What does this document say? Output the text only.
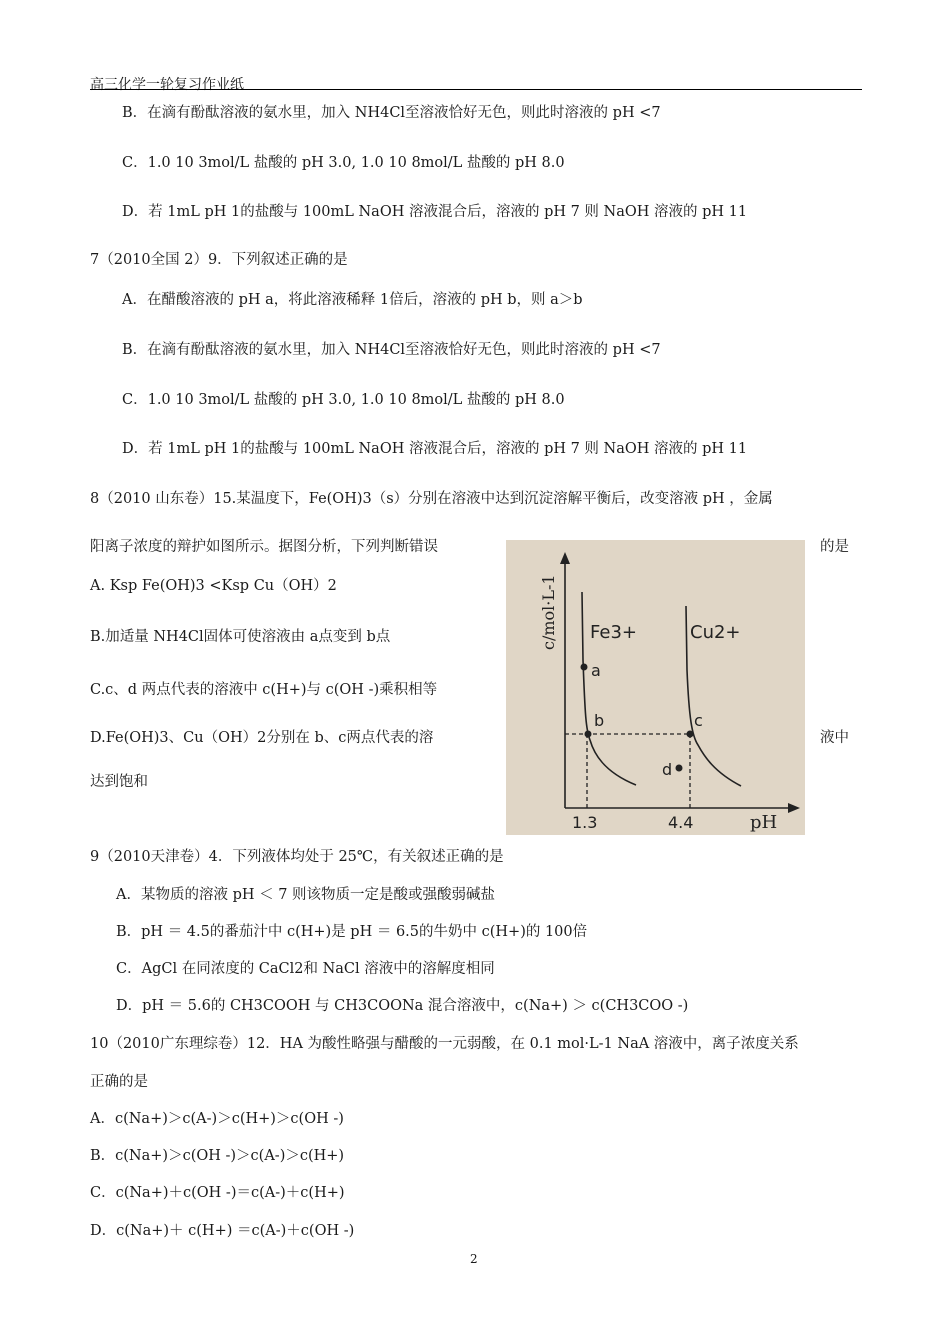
高三化学一轮复习作业纸
B．在滴有酚酞溶液的氨水里，加入 NH4Cl至溶液恰好无色，则此时溶液的 pH <7
C．1.0 10 3mol/L 盐酸的 pH 3.0, 1.0 10 8mol/L 盐酸的 pH 8.0
D．若 1mL pH 1的盐酸与 100mL NaOH 溶液混合后，溶液的 pH 7 则 NaOH 溶液的 pH 11
7（2010全国 2）9．下列叙述正确的是
A．在醋酸溶液的 pH a，将此溶液稀释 1倍后，溶液的 pH b，则 a＞b
B．在滴有酚酞溶液的氨水里，加入 NH4Cl至溶液恰好无色，则此时溶液的 pH <7
C．1.0 10 3mol/L 盐酸的 pH 3.0, 1.0 10 8mol/L 盐酸的 pH 8.0
D．若 1mL pH 1的盐酸与 100mL NaOH 溶液混合后，溶液的 pH 7 则 NaOH 溶液的 pH 11
8（2010 山东卷）15.某温度下，Fe(OH)3（s）分别在溶液中达到沉淀溶解平衡后，改变溶液 pH ，金属
阳离子浓度的辩护如图所示。据图分析，下列判断错误	的是
A. Ksp Fe(OH)3 <Ksp Cu（OH）2
B.加适量 NH4Cl固体可使溶液由 a点变到 b点
C.c、d 两点代表的溶液中 c(H+)与 c(OH -)乘积相等
D.Fe(OH)3、Cu（OH）2分别在 b、c两点代表的溶	液中
达到饱和
c/mol·L-1
pH
Fe3+	Cu2+
a
b	c
d
1.3	4.4
9（2010天津卷）4．下列液体均处于 25℃，有关叙述正确的是
A．某物质的溶液 pH ＜ 7 则该物质一定是酸或强酸弱碱盐
B．pH ＝ 4.5的番茄汁中 c(H+)是 pH ＝ 6.5的牛奶中 c(H+)的 100倍
C．AgCl 在同浓度的 CaCl2和 NaCl 溶液中的溶解度相同
D．pH ＝ 5.6的 CH3COOH 与 CH3COONa 混合溶液中，c(Na+) ＞ c(CH3COO -)
10（2010广东理综卷）12．HA 为酸性略强与醋酸的一元弱酸，在 0.1 mol·L-1 NaA 溶液中，离子浓度关系
正确的是
A．c(Na+)＞c(A-)＞c(H+)＞c(OH -)
B．c(Na+)＞c(OH -)＞c(A-)＞c(H+)
C．c(Na+)＋c(OH -)＝c(A-)＋c(H+)
D．c(Na+)＋ c(H+) ＝c(A-)＋c(OH -)
2
